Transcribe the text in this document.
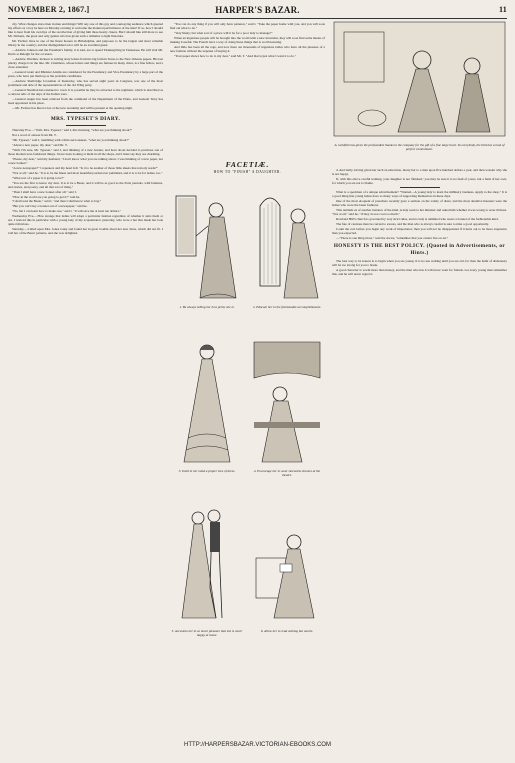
NOVEMBER 2, 1867.]	HARPER'S BAZAR.	11

city. What changes since then in men and things! Will any one of this gay and courtesying audience which greeted my efforts as a boy be here on Monday evening to welcome the matured performance of the man? If so, how I should like to hear from his own lips of the recollection of giving him three hearty cheers. But I should like still more to see Mr. Dickens, the great and only genius who has given such a stimulus to light literature.

Mr. Fechter lives in one of the finest houses in Philadelphia, and purposes to be the largest and most valuable library in the country; and the distinguished actor will be an excellent guest.

—Andrew Johnson and the President's family, it is said, are to spend Thanksgiving in Tennessee. He will visit Mr. Davis at Raleigh for the occasion.

—Andrew Wardlaw Jackson is writing sixty letters from his big farm in Texas to the New Orleans papers. His last plucky charge is in the line. Mr. Chambers, whose letters and things are famous in many cities, is a fine fellow, and a close attendant.

—General Grant and Minister Adams are considered for the Presidency and Vice-Presidency by a large part of the press, who have put them up as the probable candidates.

—Andrew Shelbridge Crossman of Kentucky, who has served eight years in Congress, was one of the most prominent and able of the representatives of the old Whig party.

—General Sherman has returned to town. It is possible he may be attracted to the regiment, which is described as a curious relic of the days of the Indian wars.

—General Augur has been relieved from the command of the Department of the Platte, and General Terry has been appointed in his place.

—Mr. Fechter has hired a box at the new Academy and will be present at the opening night.

MRS. TYPESET'S DIARY.

Thursday Eve.—"Well, Mrs. Typeset," said I, this morning, "what are you thinking about?"

Not a word of answer from Mr. T.

"Mr. Typeset," said I, trembling with a little nervousness, "what are you thinking about?"

"About a new paper, my dear," said Mr. T.

"Well, I'm sure, Mr. Typeset," said I, and thinking of a new bonnet, and have about decided to purchase one of those modern new-fashioned things. I have been looking at them in all the shops, and I must say they are charming.

"Please, my dear," said my husband, "I don't know what you are talking about. I was thinking of a new paper, not a new bonnet."

"A new newspaper?" I repeated, and my heart fell. "Is it to be another of those little sheets that nobody reads?"

"Not at all," said he. "It is to be the finest and most beautiful journal ever published, and it is to be for ladies, too."

"What sort of a paper is it going to be?"

"You are the first to know, my dear. It is to be a Bazar, and it will be as good as the Paris journals, with fashions, and stories, and poetry, and all that sort of thing."

"Then I shall have a new bonnet after all," said I.

"How in the world are you going to get it?" said he.

"I shall read the Bazar," said I, "and then I shall know what to buy."

"But you can't buy a bonnet out of a newspaper," said he.

"No, but I can learn how to make one," said I. "It will save me at least ten dollars."

Wednesday Eve.—How strange that ladies will adopt a particular fashion regardless of whether it suits them or not. I noticed this in particular with a young lady of my acquaintance yesterday, who wore a hat that made her look quite ridiculous.

Saturday.—Called upon Mrs. Jones today and found her in great trouble about her new dress, which did not fit. I told her of the Bazar patterns, and she was delighted.

"You can do any thing if you will only have patience," said I. "Take the paper home with you, and you will soon find out what to do."

"Very likely; but what sort of a place will it be for a poor lady to manage?"

When an ingenious people will be brought into the world with a new invention, they will soon find some means of making it useful. The French have a way of doing these things that is worth learning.

And little has been all the rage, and now there are thousands of ingenious ladies who have all the pleasure of a new fashion without the expense of buying it.

"Your paper shows how to do it, my dear," said Mr. T. "And that is just what I want it to do."

FACETIÆ.
HOW TO "FINISH" A DAUGHTER.
1. Be always telling her how pretty she is.	2. Educate her in the fashionable accomplishments.
3. Instil in her mind a proper love of dress.	4. Encourage her to wear sleeveless dresses at the theatre.
5. Accustom her to so much pleasure that she is never happy at home.
6. Allow her to read nothing but novels.
A. Goldfish has given the profoundest thanks to the company for the gift of a fine large bowl. To everybody, the bird has a look of perfect contentment.

4. And lastly, having given her such an education, marry her to a man upon five hundred dollars a year, and then wonder why she is not happy.

If, with this above careful training, your daughter is not 'finished,' you may be sure it is no fault of yours, but a fault of her own, for which you are not to blame.

What is a specimen of a unique advertisement? "Wanted—A young lady to learn the millinery business. Apply to the shop." It is a good thing that young ladies have so many ways of supporting themselves in these days.

One of the most eloquent of preachers recently gave a sermon on the vanity of dress; and the most attentive listeners were the ladies who wore the latest fashions.

This reminds us of another instance of the kind. A lady went to her minister and asked him whether it was wrong to wear ribbons. "Not at all," said he, "if they do not cost too much."

Rowland Hill's church is governed by very strict rules, and no lady is admitted who wears a bonnet of the fashionable kind.

The fate of cautious man be carried to excess, and the man who is always careful is sure to miss a good opportunity.

Count the cost before you begin any work of importance; then you will not be disappointed if it turns out to be more expensive than you expected.

—"There is one thing more," said the doctor, "remember that you cannot live on air."

HONESTY IS THE BEST POLICY. (Quoted in Advertisements, or Hints.)

The best way to be honest is to begin when you are young. It is no use waiting until you are old, for then the habit of dishonesty will be too strong for you to break.

A good character is worth more than money, and the man who has it will never want for friends. Let every young man remember this, and he will never regret it.

HTTP://HARPERSBAZAR.VICTORIAN-EBOOKS.COM
